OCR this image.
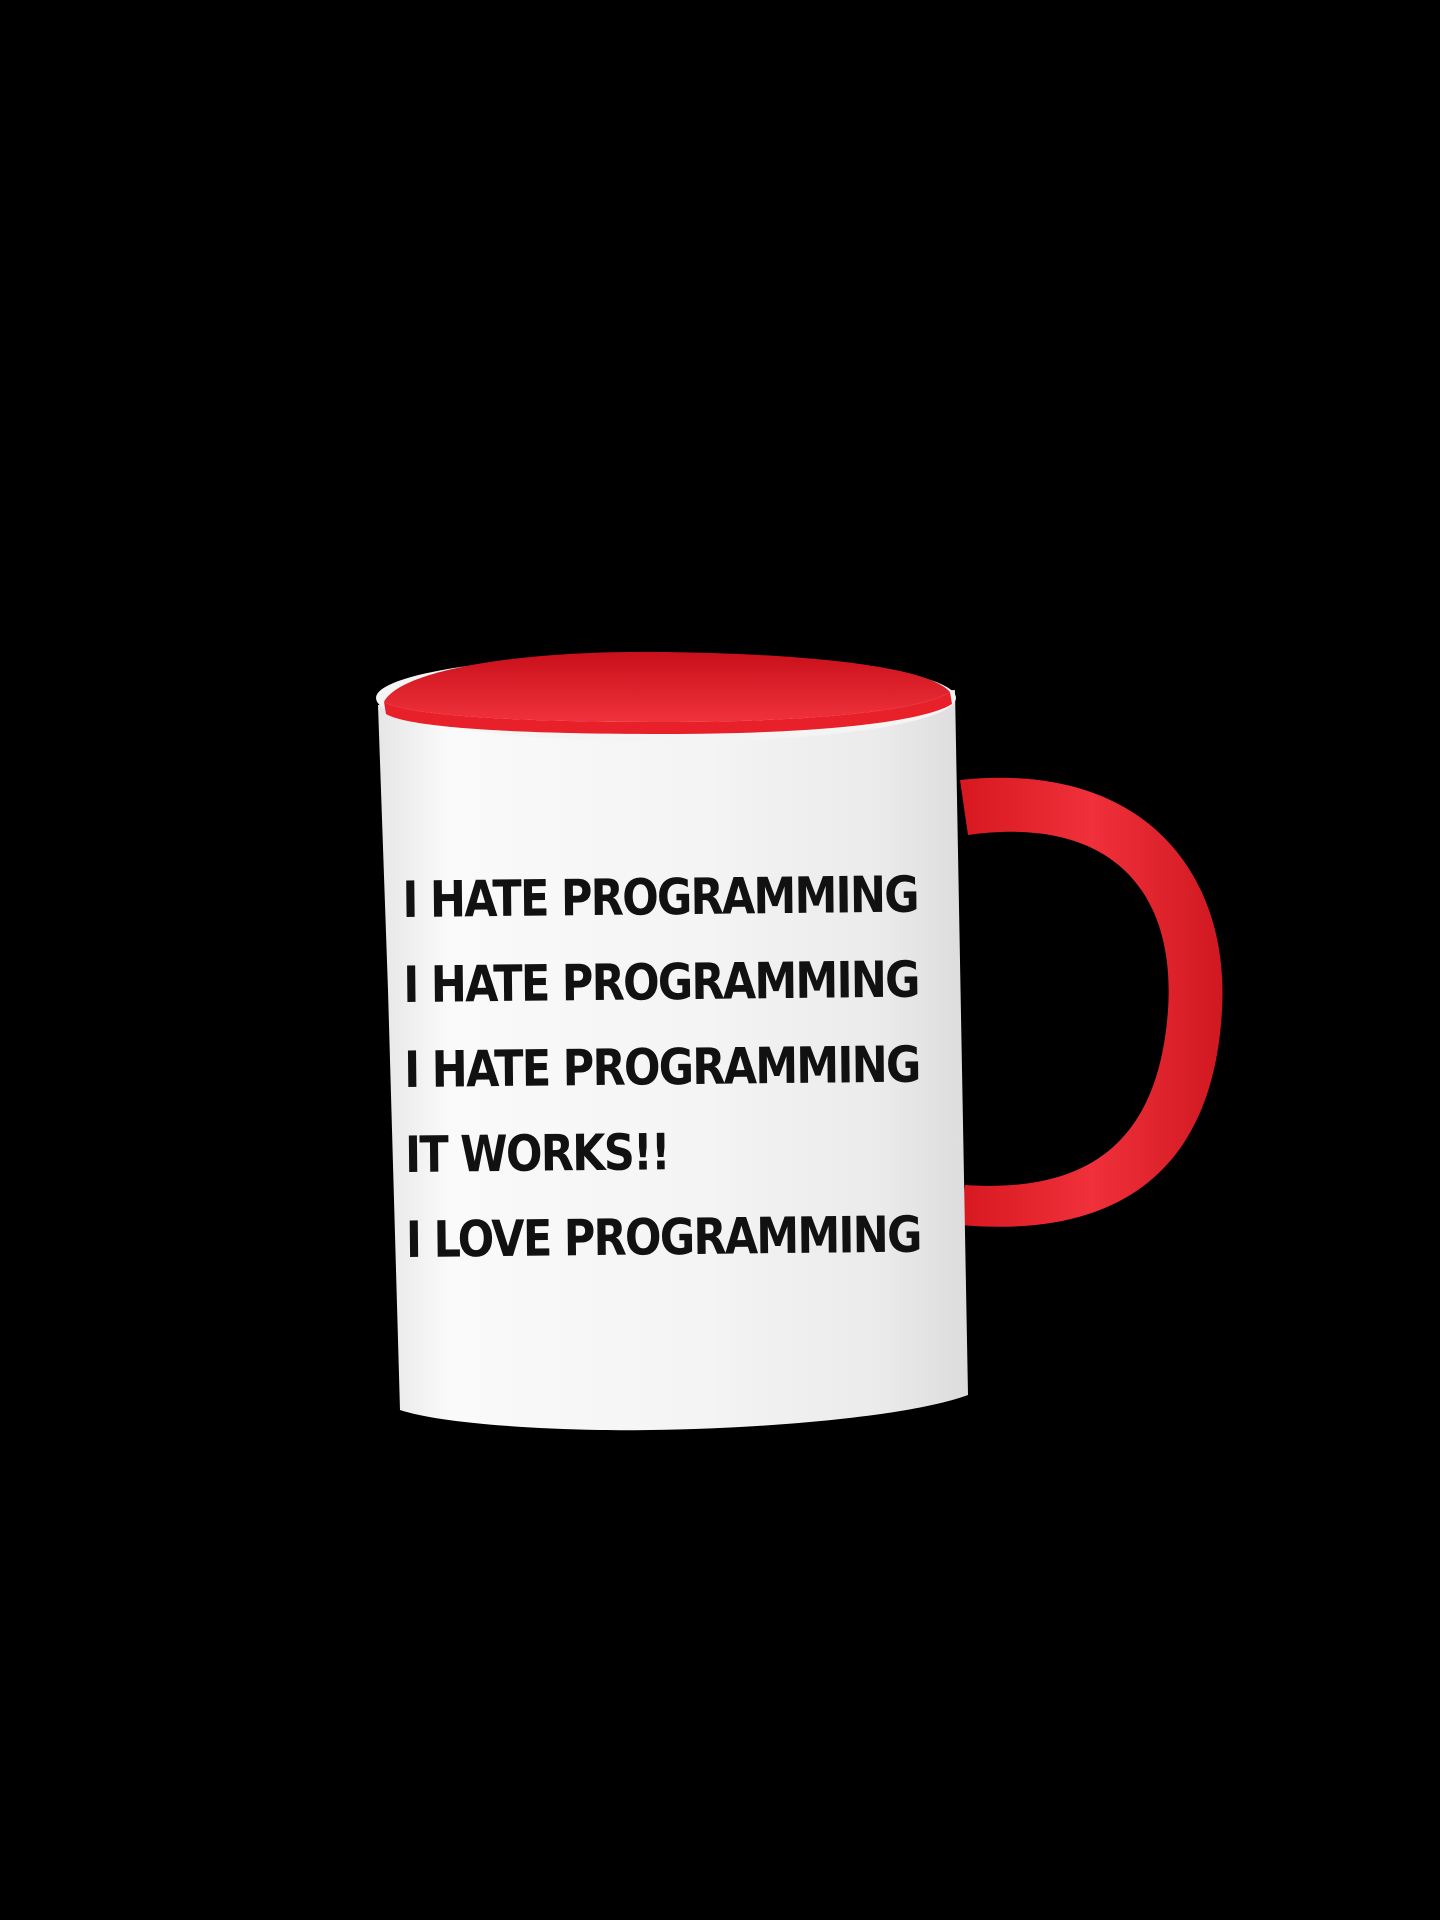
I HATE PROGRAMMING
I HATE PROGRAMMING
I HATE PROGRAMMING
IT WORKS!!
I LOVE PROGRAMMING
